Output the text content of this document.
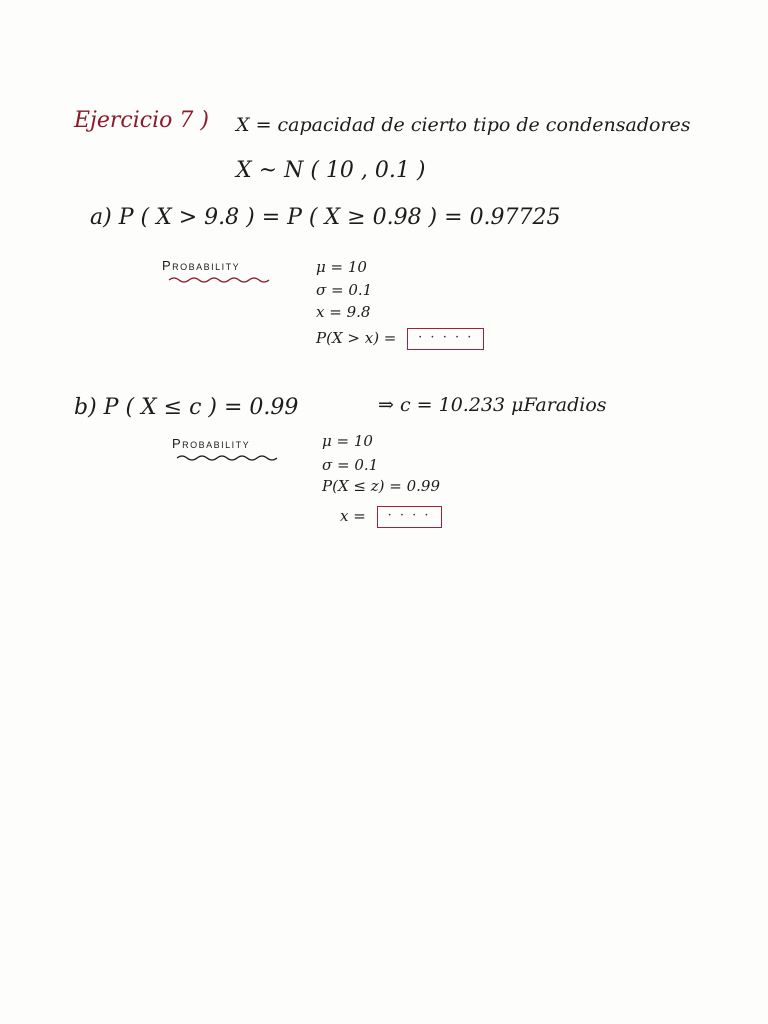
Ejercicio 7 ) X = capacidad de cierto tipo de condensadores
X ~ N ( 10 , 0.1 )
a) P ( X > 9.8 ) = P ( X ≥ 0.98 ) = 0.97725
Probability	μ = 10
σ = 0.1
x = 9.8
P(X > x) = · · · · ·
b) P ( X ≤ c ) = 0.99	⇒ c = 10.233 μFaradios
Probability	μ = 10
σ = 0.1
P(X ≤ z) = 0.99
x = · · · ·
